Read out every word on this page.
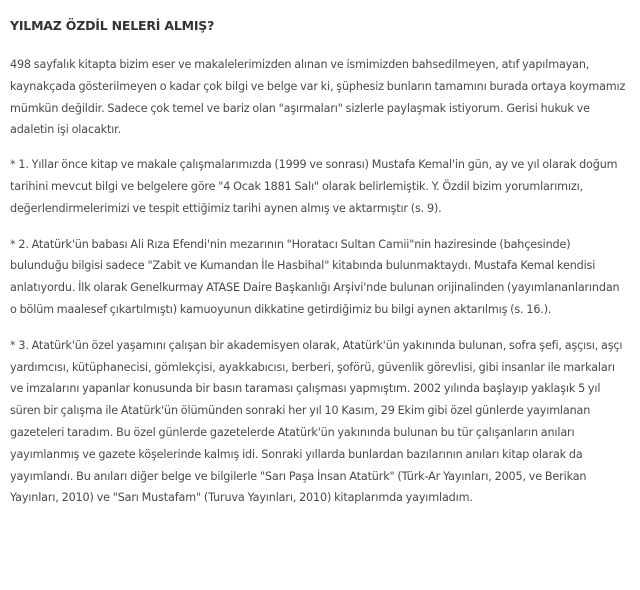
YILMAZ ÖZDİL NELERİ ALMIŞ?

498 sayfalık kitapta bizim eser ve makalelerimizden alınan ve ismimizden bahsedilmeyen, atıf yapılmayan, kaynakçada gösterilmeyen o kadar çok bilgi ve belge var ki, şüphesiz bunların tamamını burada ortaya koymamız mümkün değildir. Sadece çok temel ve bariz olan "aşırmaları" sizlerle paylaşmak istiyorum. Gerisi hukuk ve adaletin işi olacaktır.

* 1. Yıllar önce kitap ve makale çalışmalarımızda (1999 ve sonrası) Mustafa Kemal'in gün, ay ve yıl olarak doğum tarihini mevcut bilgi ve belgelere göre "4 Ocak 1881 Salı" olarak belirlemiştik. Y. Özdil bizim yorumlarımızı, değerlendirmelerimizi ve tespit ettiğimiz tarihi aynen almış ve aktarmıştır (s. 9).

* 2. Atatürk'ün babası Ali Rıza Efendi'nin mezarının "Horatacı Sultan Camii"nin haziresinde (bahçesinde) bulunduğu bilgisi sadece "Zabit ve Kumandan İle Hasbihal" kitabında bulunmaktaydı. Mustafa Kemal kendisi anlatıyordu. İlk olarak Genelkurmay ATASE Daire Başkanlığı Arşivi'nde bulunan orijinalinden (yayımlananlarından o bölüm maalesef çıkartılmıştı) kamuoyunun dikkatine getirdiğimiz bu bilgi aynen aktarılmış (s. 16.).

* 3. Atatürk'ün özel yaşamını çalışan bir akademisyen olarak, Atatürk'ün yakınında bulunan, sofra şefi, aşçısı, aşçı yardımcısı, kütüphanecisi, gömlekçisi, ayakkabıcısı, berberi, şoförü, güvenlik görevlisi, gibi insanlar ile markaları ve imzalarını yapanlar konusunda bir basın taraması çalışması yapmıştım. 2002 yılında başlayıp yaklaşık 5 yıl süren bir çalışma ile Atatürk'ün ölümünden sonraki her yıl 10 Kasım, 29 Ekim gibi özel günlerde yayımlanan gazeteleri taradım. Bu özel günlerde gazetelerde Atatürk'ün yakınında bulunan bu tür çalışanların anıları yayımlanmış ve gazete köşelerinde kalmış idi. Sonraki yıllarda bunlardan bazılarının anıları kitap olarak da yayımlandı. Bu anıları diğer belge ve bilgilerle "Sarı Paşa İnsan Atatürk" (Türk-Ar Yayınları, 2005, ve Berikan Yayınları, 2010) ve "Sarı Mustafam" (Turuva Yayınları, 2010) kitaplarımda yayımladım.
